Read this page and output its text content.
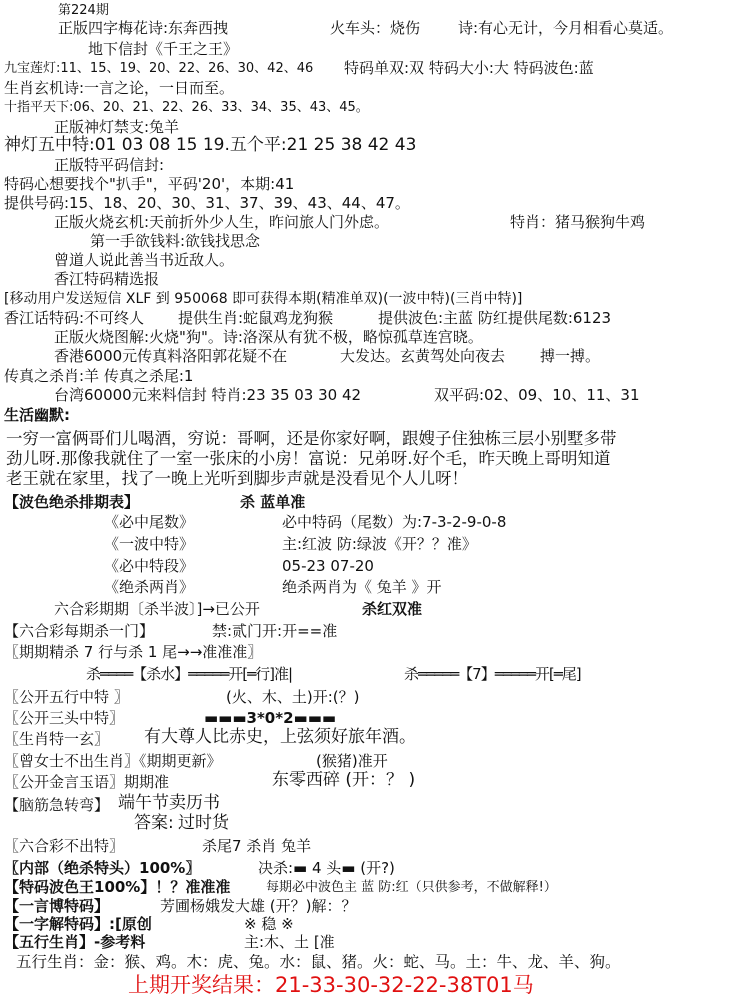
第224期
正版四字梅花诗:东奔西拽	火车头：烧伤	诗:有心无计，今月相看心莫适。
地下信封《千王之王》
九宝莲灯:11、15、19、20、22、26、30、42、46 特码单双:双 特码大小:大 特码波色:蓝
生肖玄机诗:一言之论，一日而至。
十指平天下:06、20、21、22、26、33、34、35、43、45。
正版神灯禁支:兔羊
神灯五中特:01 03 08 15 19.五个平:21 25 38 42 43
正版特平码信封:
特码心想要找个"扒手"，平码'20'，本期:41
提供号码:15、18、20、30、31、37、39、43、44、47。
正版火烧玄机:天前折外少人生，昨问旅人门外虑。	特肖：猪马猴狗牛鸡
第一手欲钱料:欲钱找思念
曾道人说此善当书近敌人。
香江特码精选报
[移动用户发送短信 XLF 到 950068 即可获得本期(精准单双)(一波中特)(三肖中特)]
香江话特码:不可终人 提供生肖:蛇鼠鸡龙狗猴	提供波色:主蓝 防红提供尾数:6123
正版火烧图解:火烧"狗"。诗:洛深从有犹不极，略惊孤草连宫晓。
香港6000元传真料洛阳郭花疑不在	大发达。玄黄驾处向夜去 搏一搏。
传真之杀肖:羊 传真之杀尾:1
台湾60000元来料信封 特肖:23 35 03 30 42	双平码:02、09、10、11、31
生活幽默:
一穷一富俩哥们儿喝酒，穷说：哥啊，还是你家好啊，跟嫂子住独栋三层小别墅多带
劲儿呀.那像我就住了一室一张床的小房！富说：兄弟呀.好个毛，昨天晚上哥明知道
老王就在家里，找了一晚上光听到脚步声就是没看见个人儿呀！
【波色绝杀排期表】	杀 蓝单准
《必中尾数》	必中特码（尾数）为:7-3-2-9-0-8
《一波中特》	主:红波 防:绿波《开？？准》
《必中特段》	05-23 07-20
《绝杀两肖》	绝杀两肖为《 兔羊 》开
六合彩期期〔杀半波〕]→已公开	杀红双准
【六合彩每期杀一门】	禁:贰门开:开==准
〖期期精杀 7 行与杀 1 尾→→准准准〗
杀════【杀水】═════开[═行]准|	杀═════【7】═════开[═尾]
〖公开五行中特 〗	(火、木、土)开:(？)
〖公开三头中特〗	▬▬▬3*0*2▬▬▬
〖生肖特一玄〗 有大尊人比赤史，上弦须好旅年酒。
〖曾女士不出生肖〗《期期更新》	(猴猪)准开
〖公开金言玉语〗期期准	东零西碎 (开：？ )
【脑筋急转弯】 端午节卖历书
答案: 过时货
〖六合彩不出特〗	杀尾7 杀肖 兔羊
〖内部（绝杀特头）100%〗	决杀:▬ 4 头▬ (开?)
【特码波色王100%】！？准准准	每期必中波色主 蓝 防:红（只供参考，不做解释!）
【一言博特码】	芳圃杨娥发大雄 (开？)解：？
【一字解特码】:[原创	※ 稳 ※
【五行生肖】-参考料	主:木、土 [准
五行生肖：金：猴、鸡。木：虎、兔。水：鼠、猪。火：蛇、马。土：牛、龙、羊、狗。
上期开奖结果：21-33-30-32-22-38T01马
